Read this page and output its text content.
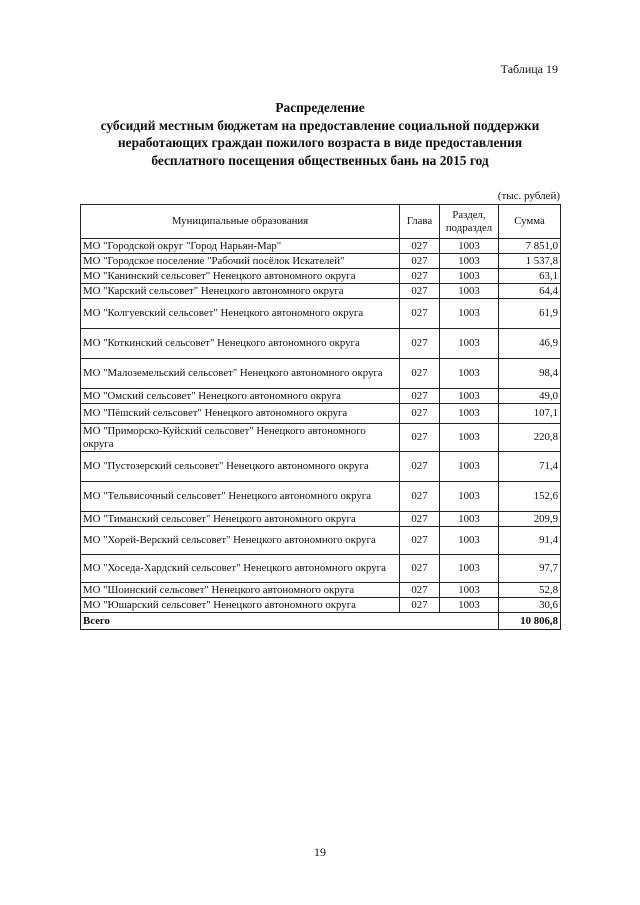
Таблица 19
Распределение
субсидий местным бюджетам на предоставление социальной поддержки
неработающих граждан пожилого возраста в виде предоставления
бесплатного посещения общественных бань на 2015 год
(тыс. рублей)
Муниципальные образования	Глава	Раздел, подраздел	Сумма
МО "Городской округ "Город Нарьян-Мар"	027	1003	7 851,0
МО "Городское поселение "Рабочий посёлок Искателей"	027	1003	1 537,8
МО "Канинский сельсовет" Ненецкого автономного округа	027	1003	63,1
МО "Карский сельсовет" Ненецкого автономного округа	027	1003	64,4
МО "Колгуевский сельсовет" Ненецкого автономного округа	027	1003	61,9
МО "Коткинский сельсовет" Ненецкого автономного округа	027	1003	46,9
МО "Малоземельский сельсовет" Ненецкого автономного округа	027	1003	98,4
МО "Омский сельсовет" Ненецкого автономного округа	027	1003	49,0
МО "Пёшский сельсовет" Ненецкого автономного округа	027	1003	107,1
МО "Приморско-Куйский сельсовет" Ненецкого автономного округа	027	1003	220,8
МО "Пустозерский сельсовет" Ненецкого автономного округа	027	1003	71,4
МО "Тельвисочный сельсовет" Ненецкого автономного округа	027	1003	152,6
МО "Тиманский сельсовет" Ненецкого автономного округа	027	1003	209,9
МО "Хорей-Верский сельсовет" Ненецкого автономного округа	027	1003	91,4
МО "Хоседа-Хардский сельсовет" Ненецкого автономного округа	027	1003	97,7
МО "Шоинский сельсовет" Ненецкого автономного округа	027	1003	52,8
МО "Юшарский сельсовет" Ненецкого автономного округа	027	1003	30,6
Всего			10 806,8
19
